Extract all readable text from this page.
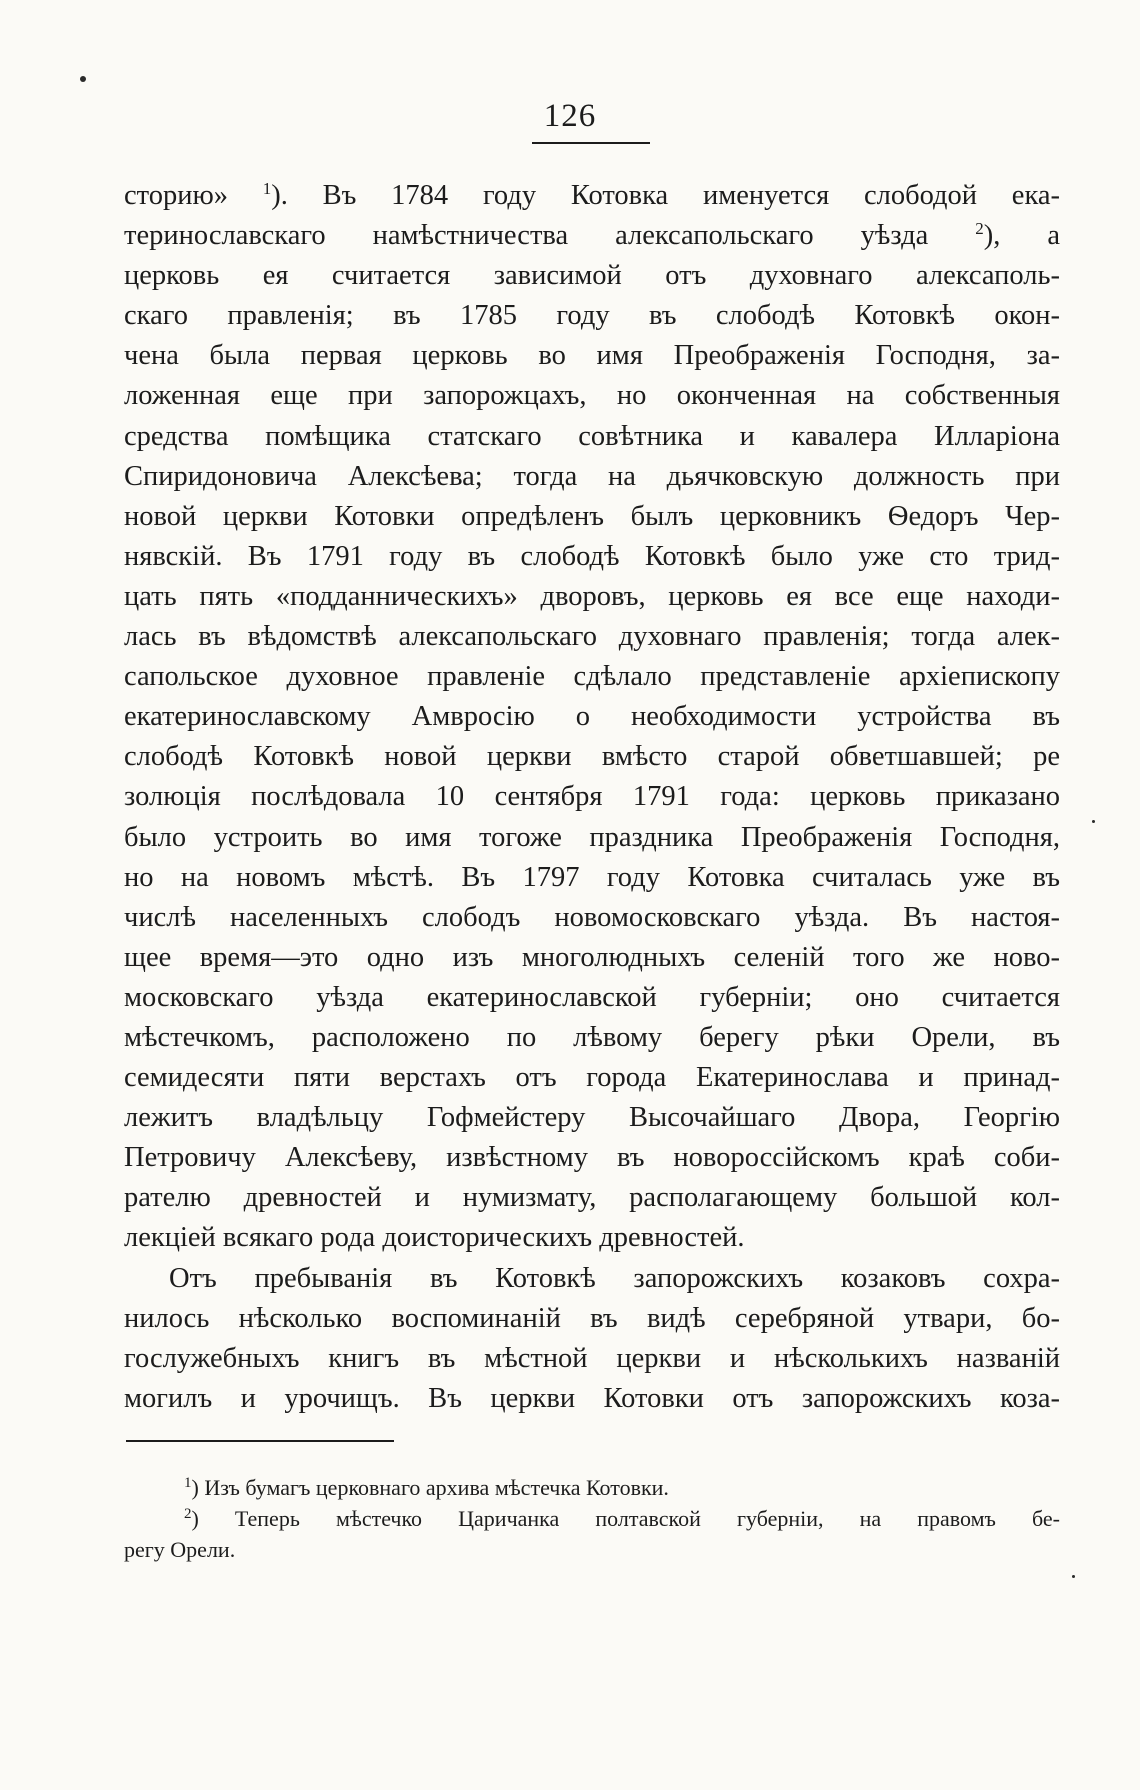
126
сторию» $^1$). Въ 1784 году Котовка именуется слободой ека-
теринославскаго намѣстничества алексапольскаго уѣзда $^2$), а
церковь ея считается зависимой отъ духовнаго алексаполь-
скаго правленія; въ 1785 году въ слободѣ Котовкѣ окон-
чена была первая церковь во имя Преображенія Господня, за-
ложенная еще при запорожцахъ, но оконченная на собственныя
средства помѣщика статскаго совѣтника и кавалера Илларіона
Спиридоновича Алексѣева; тогда на дьячковскую должность при
новой церкви Котовки опредѣленъ былъ церковникъ Ѳедоръ Чер-
нявскій. Въ 1791 году въ слободѣ Котовкѣ было уже сто трид-
цать пять «подданническихъ» дворовъ, церковь ея все еще находи-
лась въ вѣдомствѣ алексапольскаго духовнаго правленія; тогда алек-
сапольское духовное правленіе сдѣлало представленіе архіепископу
екатеринославскому Амвросію о необходимости устройства въ
слободѣ Котовкѣ новой церкви вмѣсто старой обветшавшей; ре
золюція послѣдовала 10 сентября 1791 года: церковь приказано
было устроить во имя тогоже праздника Преображенія Господня,
но на новомъ мѣстѣ. Въ 1797 году Котовка считалась уже въ
числѣ населенныхъ слободъ новомосковскаго уѣзда. Въ настоя-
щее время—это одно изъ многолюдныхъ селеній того же ново-
московскаго уѣзда екатеринославской губерніи; оно считается
мѣстечкомъ, расположено по лѣвому берегу рѣки Орели, въ
семидесяти пяти верстахъ отъ города Екатеринослава и принад-
лежитъ владѣльцу Гофмейстеру Высочайшаго Двора, Георгію
Петровичу Алексѣеву, извѣстному въ новороссійскомъ краѣ соби-
рателю древностей и нумизмату, располагающему большой кол-
лекціей всякаго рода доисторическихъ древностей.
Отъ пребыванія въ Котовкѣ запорожскихъ козаковъ сохра-
нилось нѣсколько воспоминаній въ видѣ серебряной утвари, бо-
гослужебныхъ книгъ въ мѣстной церкви и нѣсколькихъ названій
могилъ и урочищъ. Въ церкви Котовки отъ запорожскихъ коза-
$^1$) Изъ бумагъ церковнаго архива мѣстечка Котовки.
$^2$) Теперь мѣстечко Царичанка полтавской губерніи, на правомъ бе-
регу Орели.
